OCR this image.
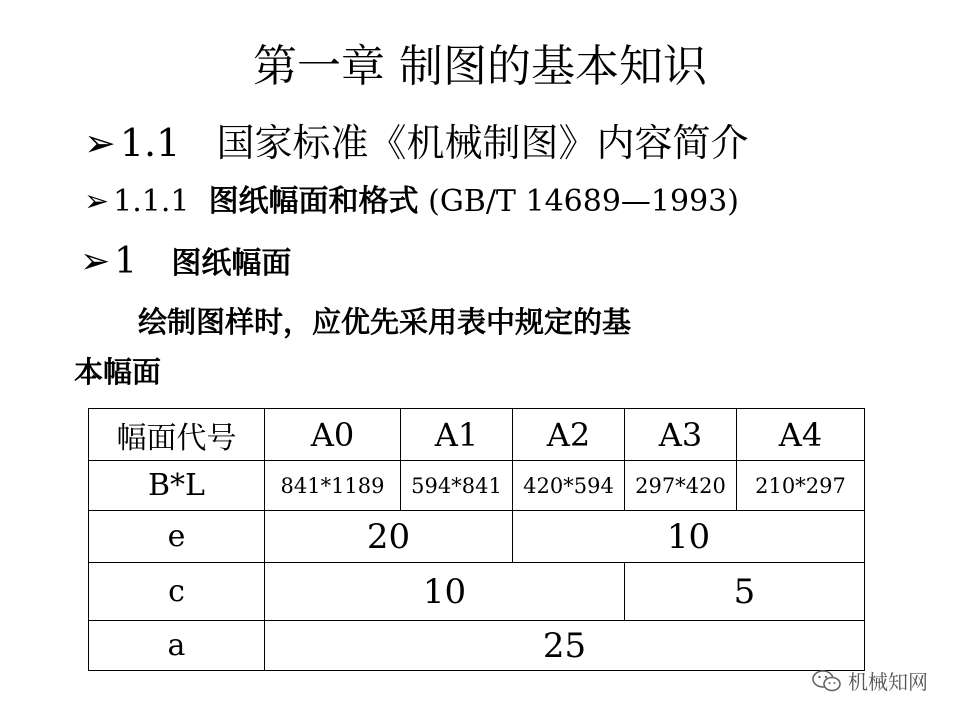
第一章 制图的基本知识
➢ 1.1 国家标准《机械制图》内容简介
➢ 1.1.1 图纸幅面和格式 (GB/T 14689—1993)
➢ 1 图纸幅面
绘制图样时，应优先采用表中规定的基
本幅面
幅面代号	A0	A1	A2	A3	A4
B*L	841*1189	594*841	420*594	297*420	210*297
e	20		10		
c	10			5	
a	25				
机械知网
